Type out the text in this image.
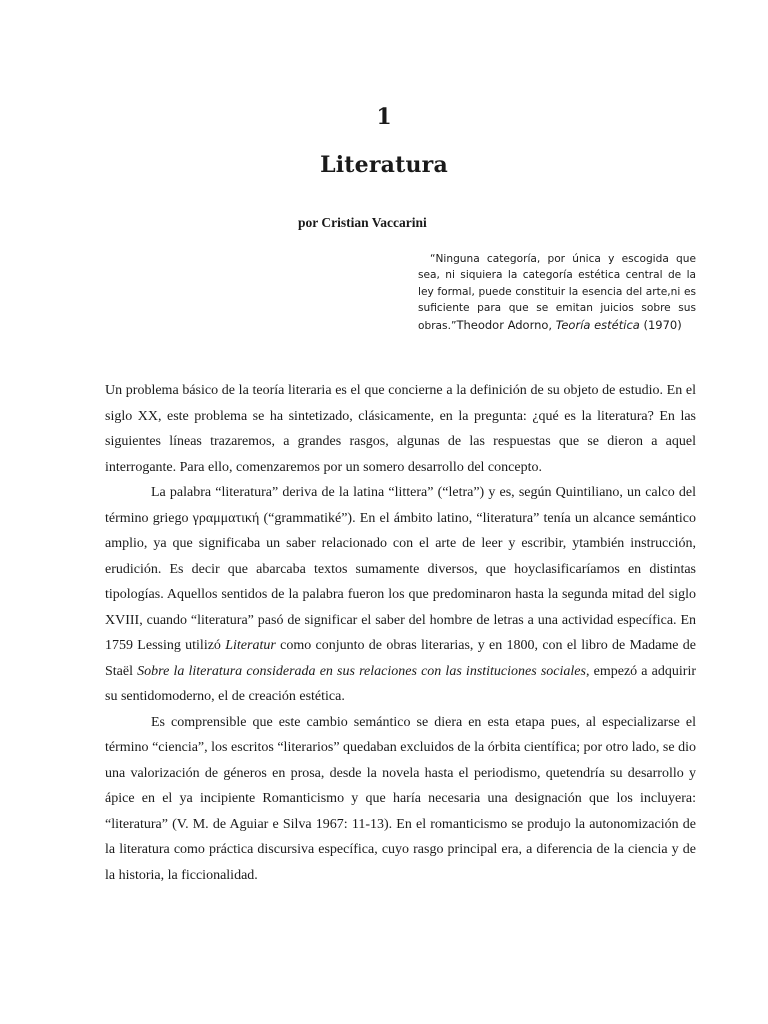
1
Literatura
por Cristian Vaccarini
“Ninguna categoría, por única y escogida que sea, ni siquiera la categoría estética central de la ley formal, puede constituir la esencia del arte,ni es suficiente para que se emitan juicios sobre sus obras.”Theodor Adorno, Teoría estética (1970)

Un problema básico de la teoría literaria es el que concierne a la definición de su objeto de estudio. En el siglo XX, este problema se ha sintetizado, clásicamente, en la pregunta: ¿qué es la literatura? En las siguientes líneas trazaremos, a grandes rasgos, algunas de las respuestas que se dieron a aquel interrogante. Para ello, comenzaremos por un somero desarrollo del concepto.

La palabra “literatura” deriva de la latina “littera” (“letra”) y es, según Quintiliano, un calco del término griego γραμματική (“grammatiké”). En el ámbito latino, “literatura” tenía un alcance semántico amplio, ya que significaba un saber relacionado con el arte de leer y escribir, ytambién instrucción, erudición. Es decir que abarcaba textos sumamente diversos, que hoyclasificaríamos en distintas tipologías. Aquellos sentidos de la palabra fueron los que predominaron hasta la segunda mitad del siglo XVIII, cuando “literatura” pasó de significar el saber del hombre de letras a una actividad específica. En 1759 Lessing utilizó Literatur como conjunto de obras literarias, y en 1800, con el libro de Madame de Staël Sobre la literatura considerada en sus relaciones con las instituciones sociales, empezó a adquirir su sentidomoderno, el de creación estética.

Es comprensible que este cambio semántico se diera en esta etapa pues, al especializarse el término “ciencia”, los escritos “literarios” quedaban excluidos de la órbita científica; por otro lado, se dio una valorización de géneros en prosa, desde la novela hasta el periodismo, quetendría su desarrollo y ápice en el ya incipiente Romanticismo y que haría necesaria una designación que los incluyera: “literatura” (V. M. de Aguiar e Silva 1967: 11-13). En el romanticismo se produjo la autonomización de la literatura como práctica discursiva específica, cuyo rasgo principal era, a diferencia de la ciencia y de la historia, la ficcionalidad.
